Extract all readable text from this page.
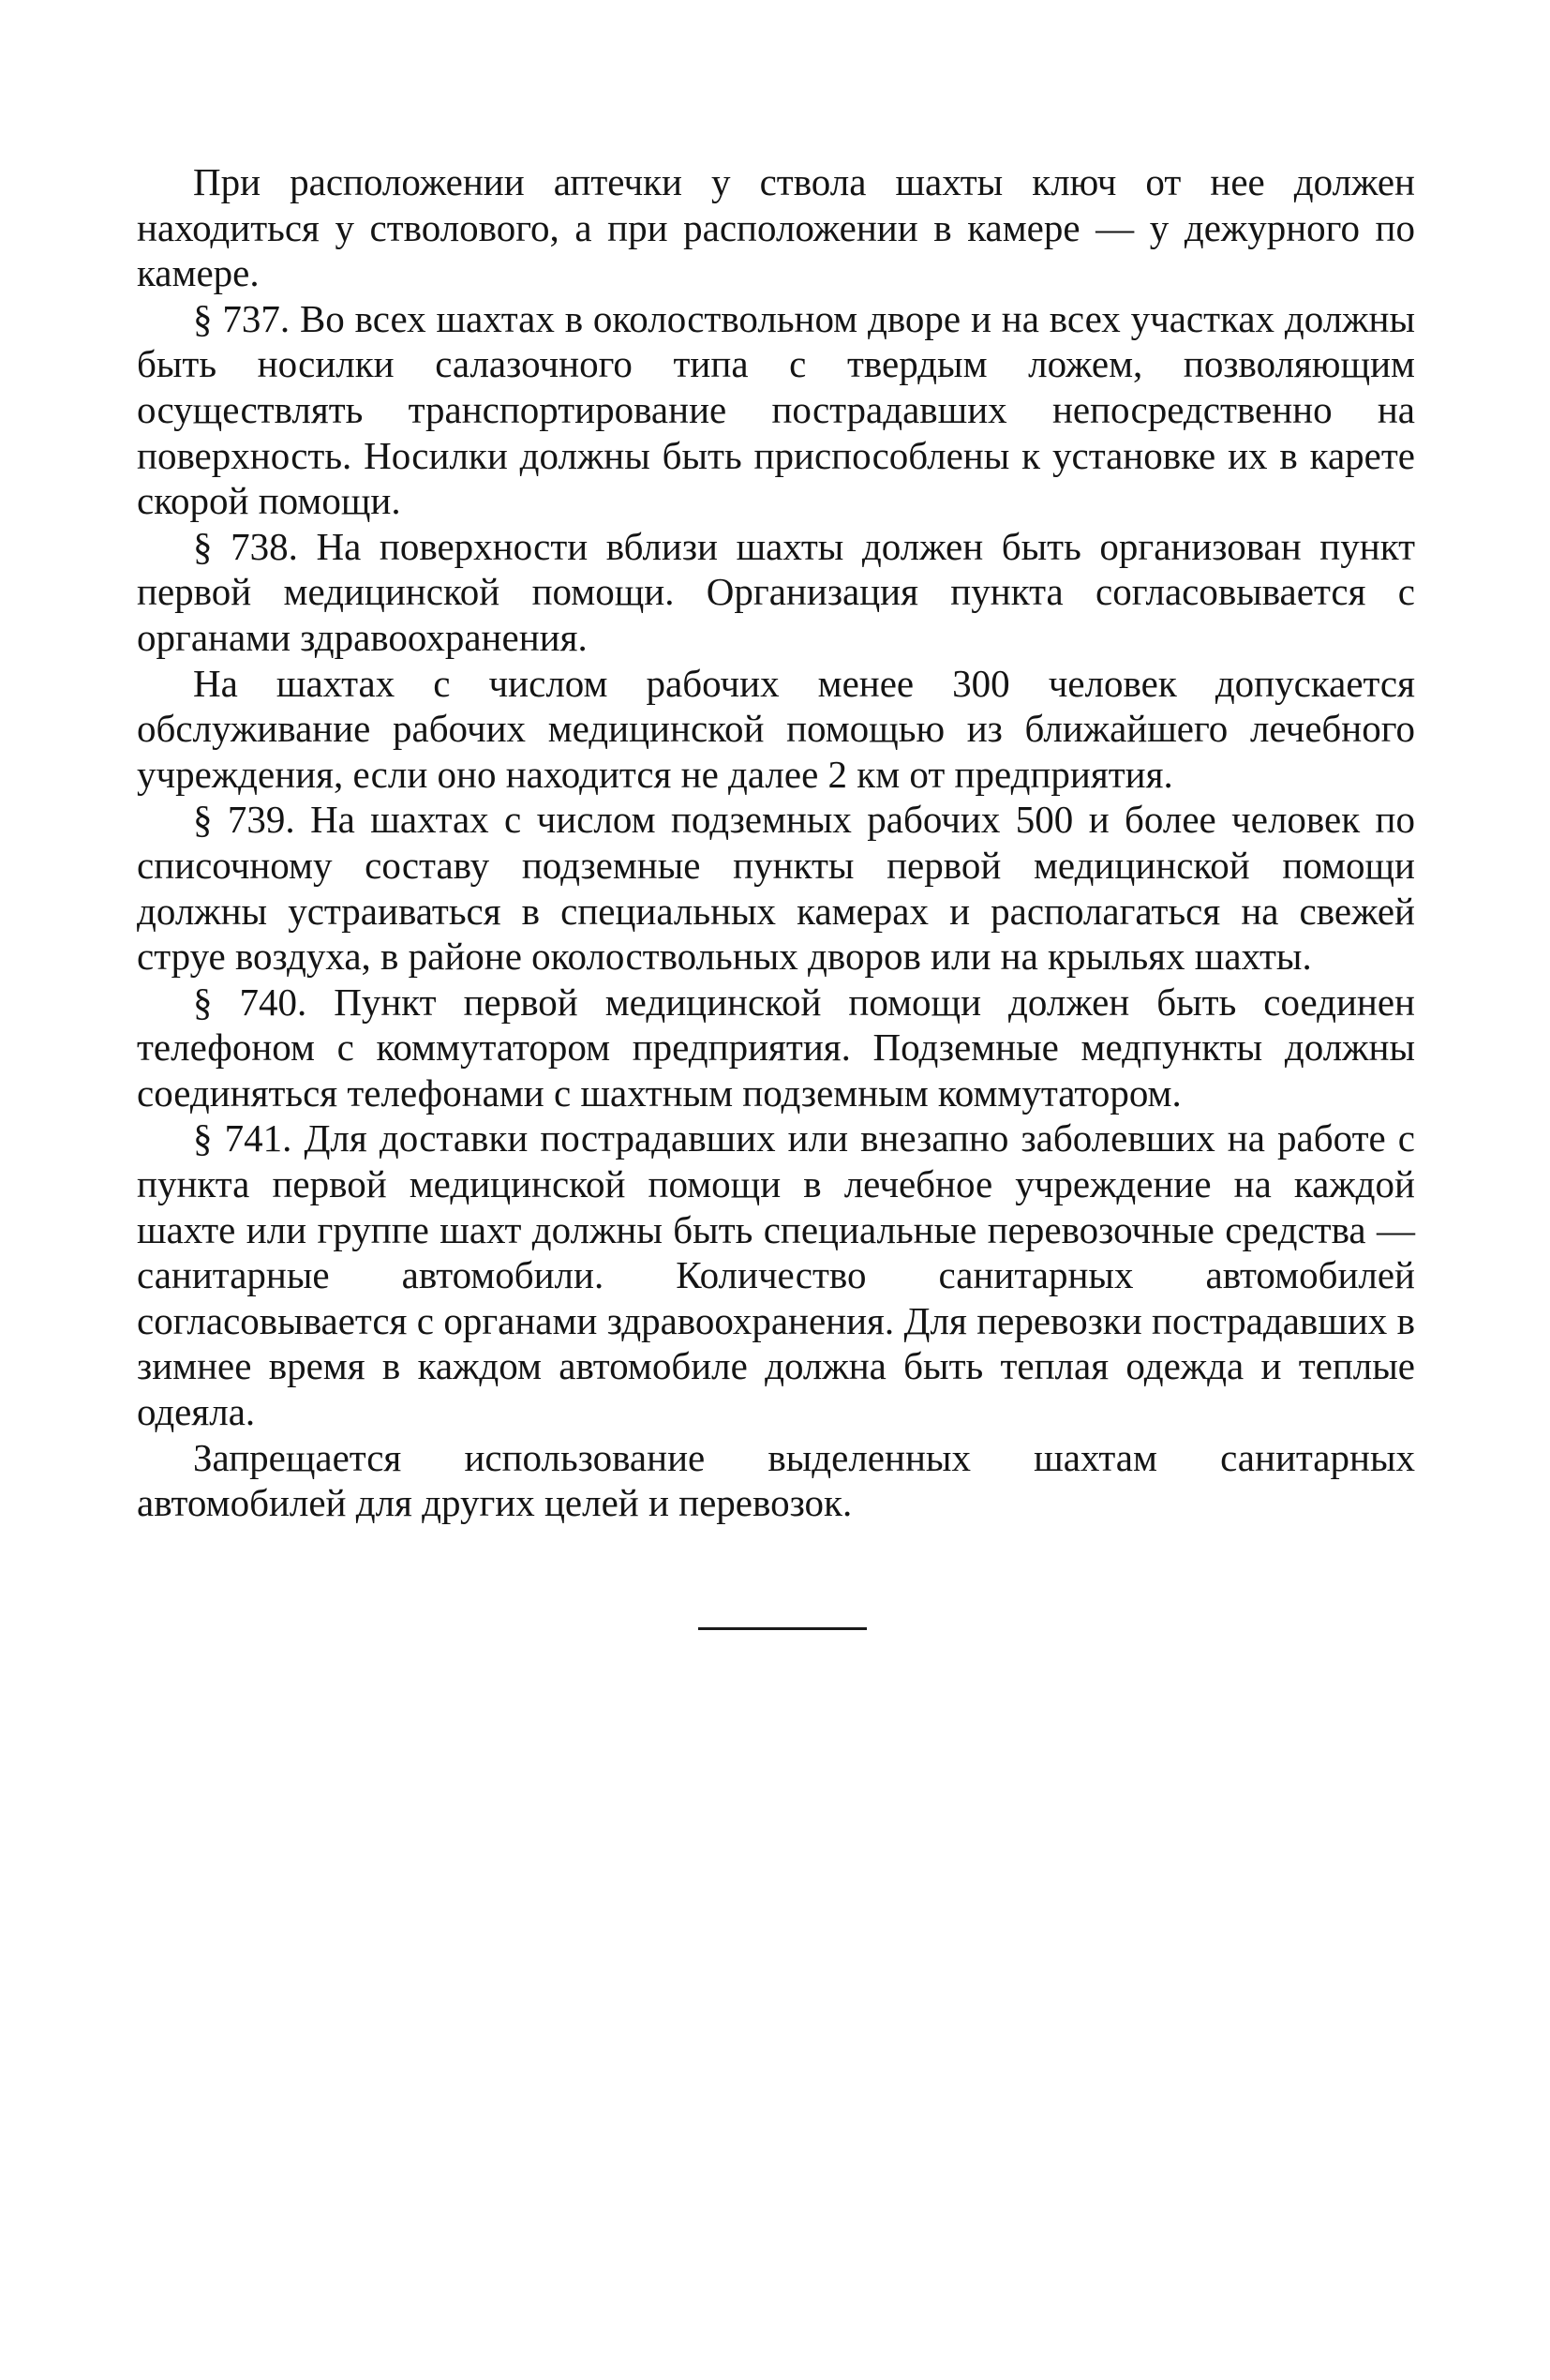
При расположении аптечки у ствола шахты ключ от нее должен находиться у стволового, а при расположении в камере — у дежурного по камере.

§ 737. Во всех шахтах в околоствольном дворе и на всех участках должны быть носилки салазочного типа с твердым ложем, позволяющим осуществлять транспортирование пострадавших непосредственно на поверхность. Носилки должны быть приспособлены к установке их в карете скорой помощи.

§ 738. На поверхности вблизи шахты должен быть организован пункт первой медицинской помощи. Организация пункта согласовывается с органами здравоохранения.

На шахтах с числом рабочих менее 300 человек допускается обслуживание рабочих медицинской помощью из ближайшего лечебного учреждения, если оно находится не далее 2 км от предприятия.

§ 739. На шахтах с числом подземных рабочих 500 и более человек по списочному составу подземные пункты первой медицинской помощи должны устраиваться в специальных камерах и располагаться на свежей струе воздуха, в районе околоствольных дворов или на крыльях шахты.

§ 740. Пункт первой медицинской помощи должен быть соединен телефоном с коммутатором предприятия. Подземные медпункты должны соединяться телефонами с шахтным подземным коммутатором.

§ 741. Для доставки пострадавших или внезапно заболевших на работе с пункта первой медицинской помощи в лечебное учреждение на каждой шахте или группе шахт должны быть специальные перевозочные средства — санитарные автомобили. Количество санитарных автомобилей согласовывается с органами здравоохранения. Для перевозки пострадавших в зимнее время в каждом автомобиле должна быть теплая одежда и теплые одеяла.

Запрещается использование выделенных шахтам санитарных автомобилей для других целей и перевозок.
